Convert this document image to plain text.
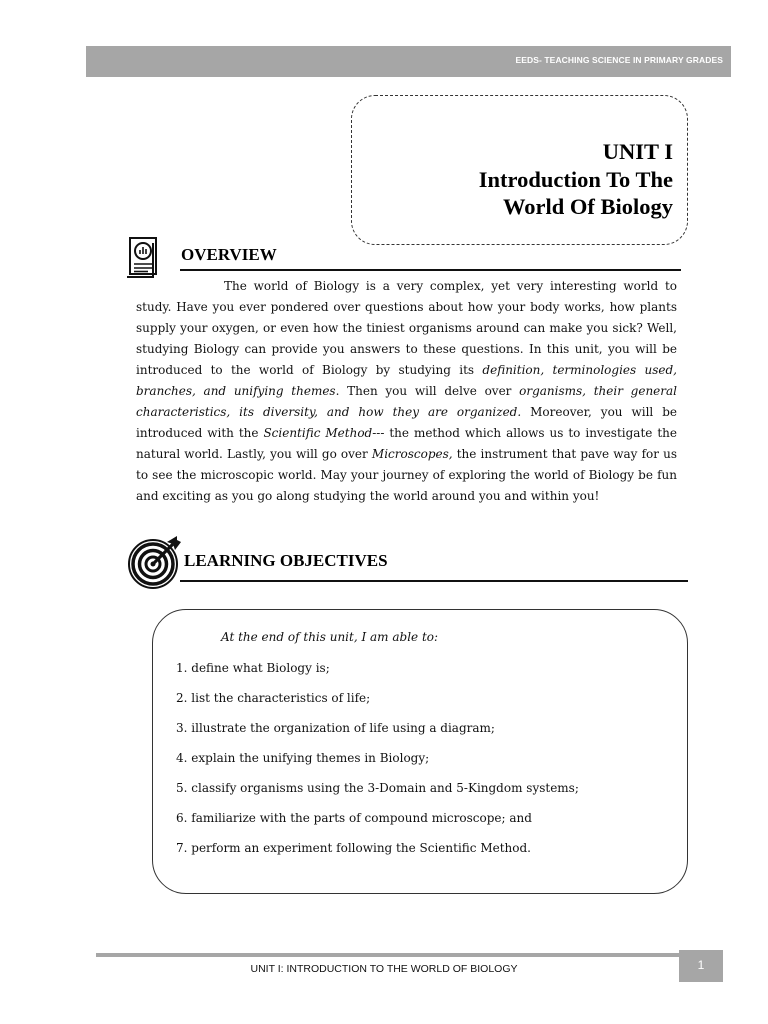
EEDS- TEACHING SCIENCE IN PRIMARY GRADES
UNIT I
Introduction To The
World Of Biology
OVERVIEW
The world of Biology is a very complex, yet very interesting world to study. Have you ever pondered over questions about how your body works, how plants supply your oxygen, or even how the tiniest organisms around can make you sick? Well, studying Biology can provide you answers to these questions. In this unit, you will be introduced to the world of Biology by studying its definition, terminologies used, branches, and unifying themes. Then you will delve over organisms, their general characteristics, its diversity, and how they are organized. Moreover, you will be introduced with the Scientific Method--- the method which allows us to investigate the natural world. Lastly, you will go over Microscopes, the instrument that pave way for us to see the microscopic world. May your journey of exploring the world of Biology be fun and exciting as you go along studying the world around you and within you!
LEARNING OBJECTIVES
At the end of this unit, I am able to:
1. define what Biology is;
2. list the characteristics of life;
3. illustrate the organization of life using a diagram;
4. explain the unifying themes in Biology;
5. classify organisms using the 3-Domain and 5-Kingdom systems;
6. familiarize with the parts of compound microscope; and
7. perform an experiment following the Scientific Method.
UNIT I: INTRODUCTION TO THE WORLD OF BIOLOGY	1
